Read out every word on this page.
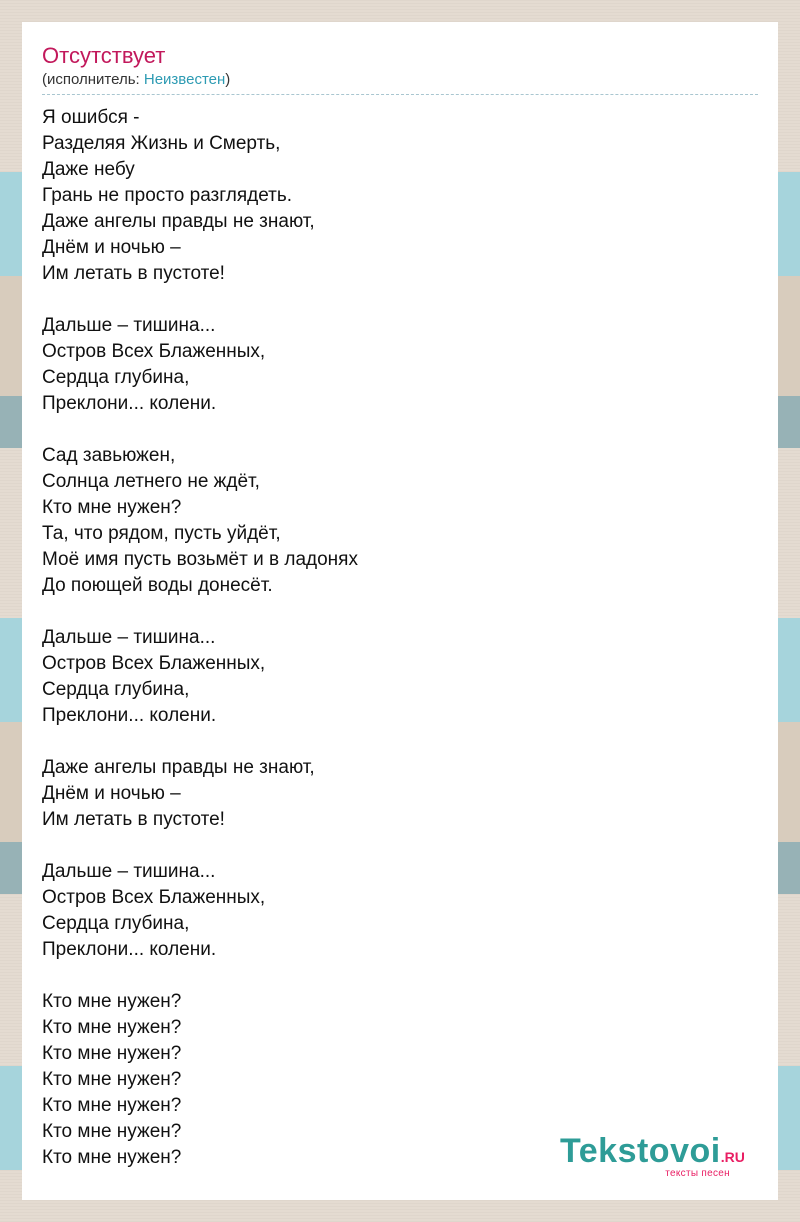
Отсутствует
(исполнитель: Неизвестен)
Я ошибся -
Разделяя Жизнь и Смерть,
Даже небу
Грань не просто разглядеть.
Даже ангелы правды не знают,
Днём и ночью –
Им летать в пустоте!
Дальше – тишина...
Остров Всех Блаженных,
Сердца глубина,
Преклони... колени.
Сад завьюжен,
Солнца летнего не ждёт,
Кто мне нужен?
Та, что рядом, пусть уйдёт,
Моё имя пусть возьмёт и в ладонях
До поющей воды донесёт.
Дальше – тишина...
Остров Всех Блаженных,
Сердца глубина,
Преклони... колени.
Даже ангелы правды не знают,
Днём и ночью –
Им летать в пустоте!
Дальше – тишина...
Остров Всех Блаженных,
Сердца глубина,
Преклони... колени.
Кто мне нужен?
Кто мне нужен?
Кто мне нужен?
Кто мне нужен?
Кто мне нужен?
Кто мне нужен?
Кто мне нужен?	Tekstovoi.RU
тексты песен
